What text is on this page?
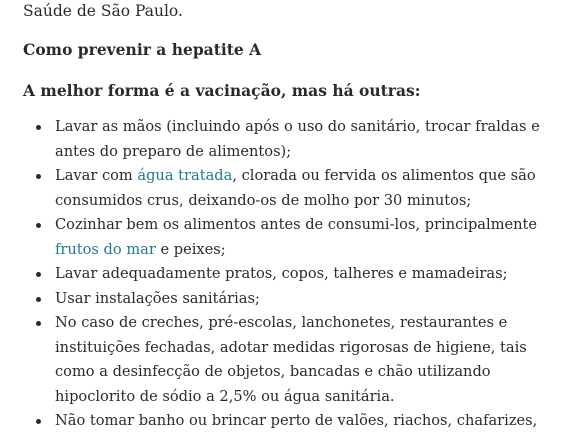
Saúde de São Paulo.

Como prevenir a hepatite A

A melhor forma é a vacinação, mas há outras:

Lavar as mãos (incluindo após o uso do sanitário, trocar fraldas e antes do preparo de alimentos);
Lavar com água tratada, clorada ou fervida os alimentos que são consumidos crus, deixando-os de molho por 30 minutos;
Cozinhar bem os alimentos antes de consumi-los, principalmente frutos do mar e peixes;
Lavar adequadamente pratos, copos, talheres e mamadeiras;
Usar instalações sanitárias;
No caso de creches, pré-escolas, lanchonetes, restaurantes e instituições fechadas, adotar medidas rigorosas de higiene, tais como a desinfecção de objetos, bancadas e chão utilizando hipoclorito de sódio a 2,5% ou água sanitária.
Não tomar banho ou brincar perto de valões, riachos, chafarizes,
